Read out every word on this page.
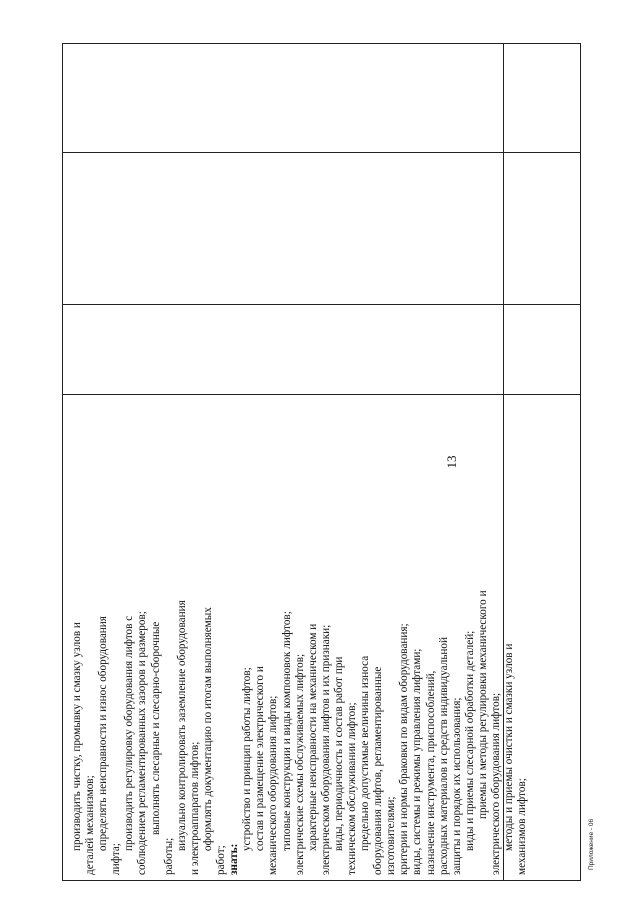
13
производить чистку, промывку и смазку узлов и деталей механизмов; определять неисправности и износ оборудования
лифта;
производить регулировку оборудования лифтов с соблюдением регламентированных зазоров и размеров; выполнять слесарные и слесарно-сборочные
работы;
визуально контролировать заземление оборудования и электроаппаратов лифтов; оформлять документацию по итогам выполняемых
работ; знать:
устройство и принцип работы лифтов; состав и размещение электрического и механического оборудования лифтов; типовые конструкции и виды компоновок лифтов; электрические схемы обслуживаемых лифтов; характерные неисправности на механическом и электрическом оборудовании лифтов и их признаки; виды, периодичность и состав работ при техническом обслуживании лифтов; предельно допустимые величины износа оборудования лифтов, регламентированные изготовителями; критерии и нормы браковки по видам оборудования; виды, системы и режимы управления лифтами; назначение инструмента, приспособлений, расходных материалов и средств индивидуальной защиты и порядок их использования; виды и приемы слесарной обработки деталей; приемы и методы регулировки механического и электрического оборудования лифтов; методы и приемы очистки и смазки узлов и механизмов лифтов;	Приложение - 06
